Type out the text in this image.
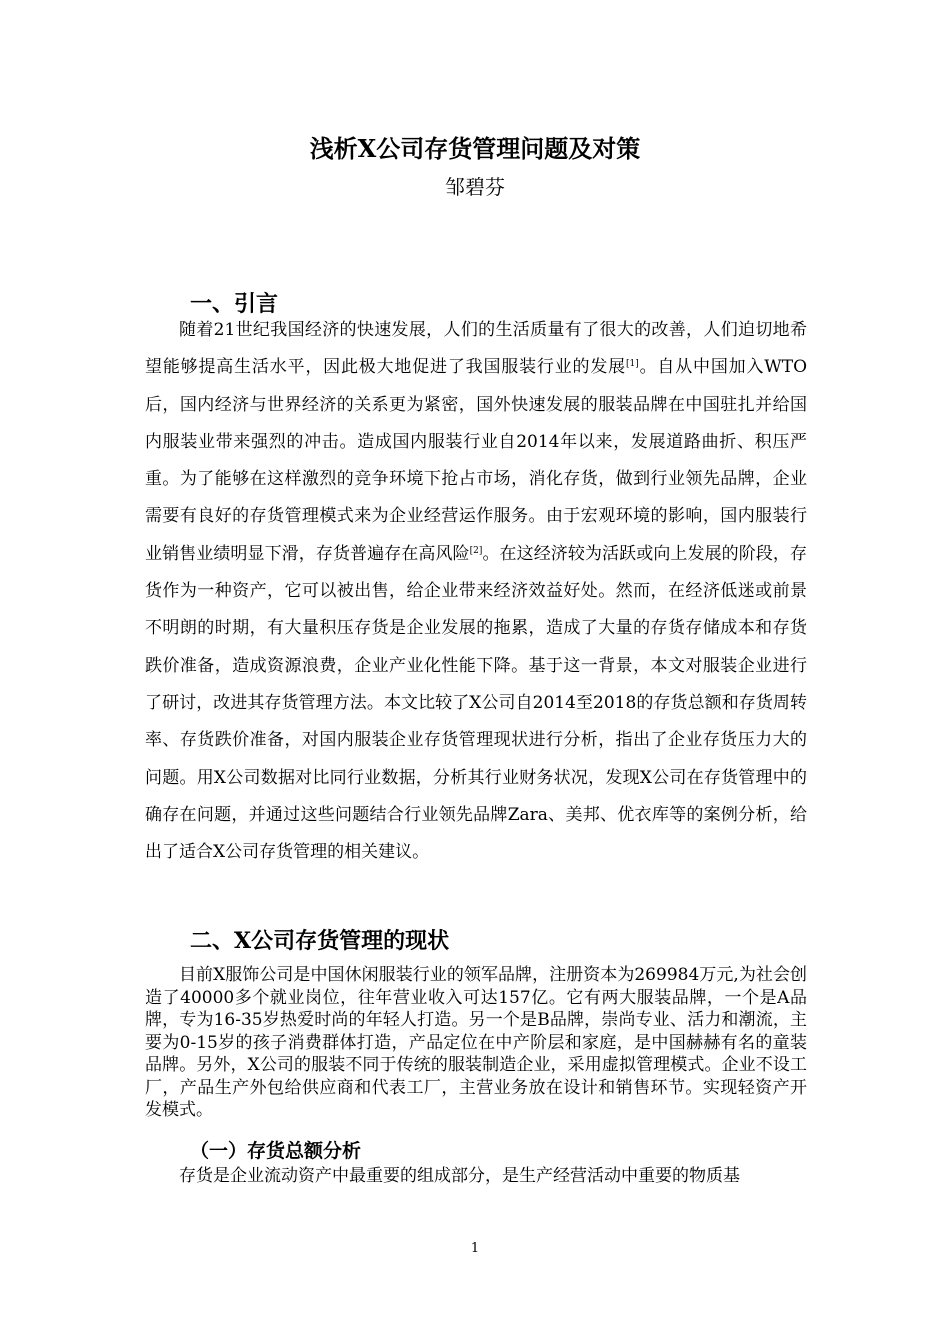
浅析X公司存货管理问题及对策
邹碧芬
一、引言

随着21世纪我国经济的快速发展，人们的生活质量有了很大的改善，人们迫切地希望能够提高生活水平，因此极大地促进了我国服装行业的发展[1]。自从中国加入WTO后，国内经济与世界经济的关系更为紧密，国外快速发展的服装品牌在中国驻扎并给国内服装业带来强烈的冲击。造成国内服装行业自2014年以来，发展道路曲折、积压严重。为了能够在这样激烈的竞争环境下抢占市场，消化存货，做到行业领先品牌，企业需要有良好的存货管理模式来为企业经营运作服务。由于宏观环境的影响，国内服装行业销售业绩明显下滑，存货普遍存在高风险[2]。在这经济较为活跃或向上发展的阶段，存货作为一种资产，它可以被出售，给企业带来经济效益好处。然而，在经济低迷或前景不明朗的时期，有大量积压存货是企业发展的拖累，造成了大量的存货存储成本和存货跌价准备，造成资源浪费，企业产业化性能下降。基于这一背景，本文对服装企业进行了研讨，改进其存货管理方法。本文比较了X公司自2014至2018的存货总额和存货周转率、存货跌价准备，对国内服装企业存货管理现状进行分析，指出了企业存货压力大的问题。用X公司数据对比同行业数据，分析其行业财务状况，发现X公司在存货管理中的确存在问题，并通过这些问题结合行业领先品牌Zara、美邦、优衣库等的案例分析，给出了适合X公司存货管理的相关建议。

二、X公司存货管理的现状

目前X服饰公司是中国休闲服装行业的领军品牌，注册资本为269984万元,为社会创造了40000多个就业岗位，往年营业收入可达157亿。它有两大服装品牌，一个是A品牌，专为16-35岁热爱时尚的年轻人打造。另一个是B品牌，崇尚专业、活力和潮流，主要为0-15岁的孩子消费群体打造，产品定位在中产阶层和家庭，是中国赫赫有名的童装品牌。另外，X公司的服装不同于传统的服装制造企业，采用虚拟管理模式。企业不设工厂，产品生产外包给供应商和代表工厂，主营业务放在设计和销售环节。实现轻资产开发模式。

（一）存货总额分析

存货是企业流动资产中最重要的组成部分，是生产经营活动中重要的物质基

1
